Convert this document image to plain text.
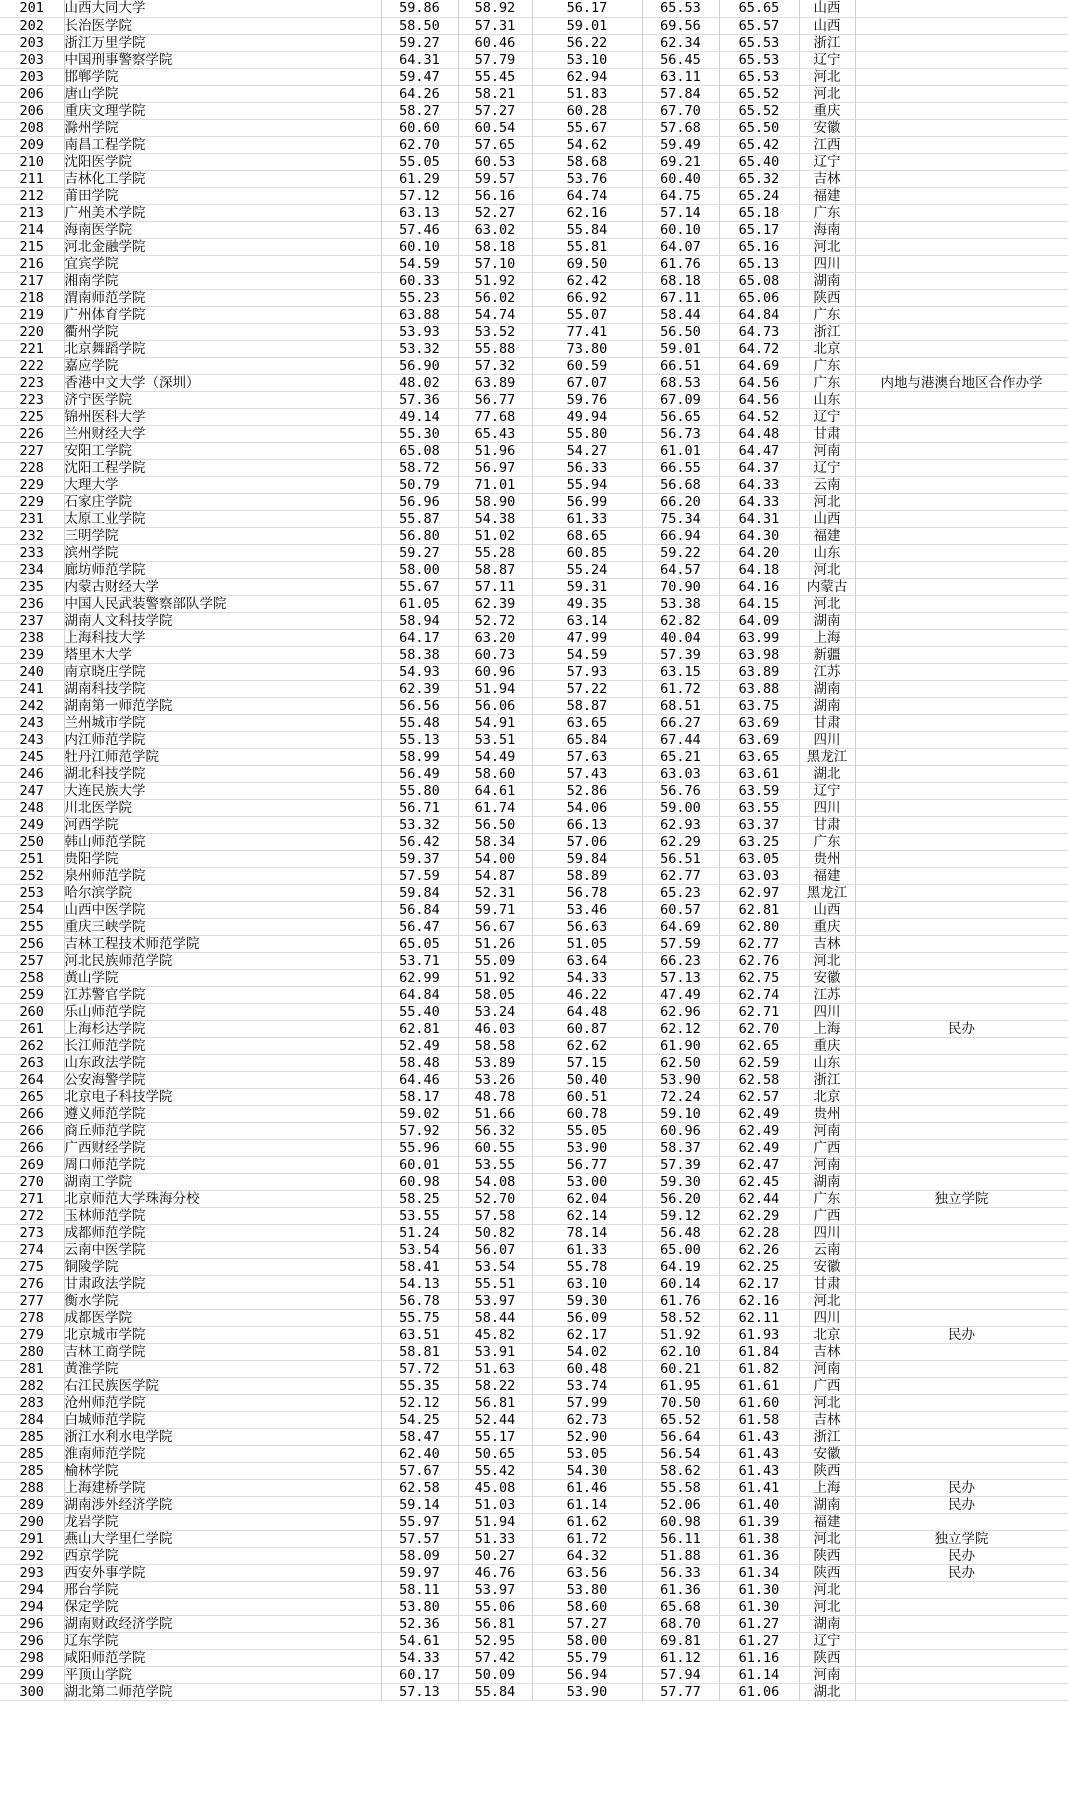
201	山西大同大学	59.86	58.92	56.17	65.53	65.65	山西	
202	长治医学院	58.50	57.31	59.01	69.56	65.57	山西	
203	浙江万里学院	59.27	60.46	56.22	62.34	65.53	浙江	
203	中国刑事警察学院	64.31	57.79	53.10	56.45	65.53	辽宁	
203	邯郸学院	59.47	55.45	62.94	63.11	65.53	河北	
206	唐山学院	64.26	58.21	51.83	57.84	65.52	河北	
206	重庆文理学院	58.27	57.27	60.28	67.70	65.52	重庆	
208	滁州学院	60.60	60.54	55.67	57.68	65.50	安徽	
209	南昌工程学院	62.70	57.65	54.62	59.49	65.42	江西	
210	沈阳医学院	55.05	60.53	58.68	69.21	65.40	辽宁	
211	吉林化工学院	61.29	59.57	53.76	60.40	65.32	吉林	
212	莆田学院	57.12	56.16	64.74	64.75	65.24	福建	
213	广州美术学院	63.13	52.27	62.16	57.14	65.18	广东	
214	海南医学院	57.46	63.02	55.84	60.10	65.17	海南	
215	河北金融学院	60.10	58.18	55.81	64.07	65.16	河北	
216	宜宾学院	54.59	57.10	69.50	61.76	65.13	四川	
217	湘南学院	60.33	51.92	62.42	68.18	65.08	湖南	
218	渭南师范学院	55.23	56.02	66.92	67.11	65.06	陕西	
219	广州体育学院	63.88	54.74	55.07	58.44	64.84	广东	
220	衢州学院	53.93	53.52	77.41	56.50	64.73	浙江	
221	北京舞蹈学院	53.32	55.88	73.80	59.01	64.72	北京	
222	嘉应学院	56.90	57.32	60.59	66.51	64.69	广东	
223	香港中文大学（深圳）	48.02	63.89	67.07	68.53	64.56	广东	内地与港澳台地区合作办学
223	济宁医学院	57.36	56.77	59.76	67.09	64.56	山东	
225	锦州医科大学	49.14	77.68	49.94	56.65	64.52	辽宁	
226	兰州财经大学	55.30	65.43	55.80	56.73	64.48	甘肃	
227	安阳工学院	65.08	51.96	54.27	61.01	64.47	河南	
228	沈阳工程学院	58.72	56.97	56.33	66.55	64.37	辽宁	
229	大理大学	50.79	71.01	55.94	56.68	64.33	云南	
229	石家庄学院	56.96	58.90	56.99	66.20	64.33	河北	
231	太原工业学院	55.87	54.38	61.33	75.34	64.31	山西	
232	三明学院	56.80	51.02	68.65	66.94	64.30	福建	
233	滨州学院	59.27	55.28	60.85	59.22	64.20	山东	
234	廊坊师范学院	58.00	58.87	55.24	64.57	64.18	河北	
235	内蒙古财经大学	55.67	57.11	59.31	70.90	64.16	内蒙古	
236	中国人民武装警察部队学院	61.05	62.39	49.35	53.38	64.15	河北	
237	湖南人文科技学院	58.94	52.72	63.14	62.82	64.09	湖南	
238	上海科技大学	64.17	63.20	47.99	40.04	63.99	上海	
239	塔里木大学	58.38	60.73	54.59	57.39	63.98	新疆	
240	南京晓庄学院	54.93	60.96	57.93	63.15	63.89	江苏	
241	湖南科技学院	62.39	51.94	57.22	61.72	63.88	湖南	
242	湖南第一师范学院	56.56	56.06	58.87	68.51	63.75	湖南	
243	兰州城市学院	55.48	54.91	63.65	66.27	63.69	甘肃	
243	内江师范学院	55.13	53.51	65.84	67.44	63.69	四川	
245	牡丹江师范学院	58.99	54.49	57.63	65.21	63.65	黑龙江	
246	湖北科技学院	56.49	58.60	57.43	63.03	63.61	湖北	
247	大连民族大学	55.80	64.61	52.86	56.76	63.59	辽宁	
248	川北医学院	56.71	61.74	54.06	59.00	63.55	四川	
249	河西学院	53.32	56.50	66.13	62.93	63.37	甘肃	
250	韩山师范学院	56.42	58.34	57.06	62.29	63.25	广东	
251	贵阳学院	59.37	54.00	59.84	56.51	63.05	贵州	
252	泉州师范学院	57.59	54.87	58.89	62.77	63.03	福建	
253	哈尔滨学院	59.84	52.31	56.78	65.23	62.97	黑龙江	
254	山西中医学院	56.84	59.71	53.46	60.57	62.81	山西	
255	重庆三峡学院	56.47	56.67	56.63	64.69	62.80	重庆	
256	吉林工程技术师范学院	65.05	51.26	51.05	57.59	62.77	吉林	
257	河北民族师范学院	53.71	55.09	63.64	66.23	62.76	河北	
258	黄山学院	62.99	51.92	54.33	57.13	62.75	安徽	
259	江苏警官学院	64.84	58.05	46.22	47.49	62.74	江苏	
260	乐山师范学院	55.40	53.24	64.48	62.96	62.71	四川	
261	上海杉达学院	62.81	46.03	60.87	62.12	62.70	上海	民办
262	长江师范学院	52.49	58.58	62.62	61.90	62.65	重庆	
263	山东政法学院	58.48	53.89	57.15	62.50	62.59	山东	
264	公安海警学院	64.46	53.26	50.40	53.90	62.58	浙江	
265	北京电子科技学院	58.17	48.78	60.51	72.24	62.57	北京	
266	遵义师范学院	59.02	51.66	60.78	59.10	62.49	贵州	
266	商丘师范学院	57.92	56.32	55.05	60.96	62.49	河南	
266	广西财经学院	55.96	60.55	53.90	58.37	62.49	广西	
269	周口师范学院	60.01	53.55	56.77	57.39	62.47	河南	
270	湖南工学院	60.98	54.08	53.00	59.30	62.45	湖南	
271	北京师范大学珠海分校	58.25	52.70	62.04	56.20	62.44	广东	独立学院
272	玉林师范学院	53.55	57.58	62.14	59.12	62.29	广西	
273	成都师范学院	51.24	50.82	78.14	56.48	62.28	四川	
274	云南中医学院	53.54	56.07	61.33	65.00	62.26	云南	
275	铜陵学院	58.41	53.54	55.78	64.19	62.25	安徽	
276	甘肃政法学院	54.13	55.51	63.10	60.14	62.17	甘肃	
277	衡水学院	56.78	53.97	59.30	61.76	62.16	河北	
278	成都医学院	55.75	58.44	56.09	58.52	62.11	四川	
279	北京城市学院	63.51	45.82	62.17	51.92	61.93	北京	民办
280	吉林工商学院	58.81	53.91	54.02	62.10	61.84	吉林	
281	黄淮学院	57.72	51.63	60.48	60.21	61.82	河南	
282	右江民族医学院	55.35	58.22	53.74	61.95	61.61	广西	
283	沧州师范学院	52.12	56.81	57.99	70.50	61.60	河北	
284	白城师范学院	54.25	52.44	62.73	65.52	61.58	吉林	
285	浙江水利水电学院	58.47	55.17	52.90	56.64	61.43	浙江	
285	淮南师范学院	62.40	50.65	53.05	56.54	61.43	安徽	
285	榆林学院	57.67	55.42	54.30	58.62	61.43	陕西	
288	上海建桥学院	62.58	45.08	61.46	55.58	61.41	上海	民办
289	湖南涉外经济学院	59.14	51.03	61.14	52.06	61.40	湖南	民办
290	龙岩学院	55.97	51.94	61.62	60.98	61.39	福建	
291	燕山大学里仁学院	57.57	51.33	61.72	56.11	61.38	河北	独立学院
292	西京学院	58.09	50.27	64.32	51.88	61.36	陕西	民办
293	西安外事学院	59.97	46.76	63.56	56.33	61.34	陕西	民办
294	邢台学院	58.11	53.97	53.80	61.36	61.30	河北	
294	保定学院	53.80	55.06	58.60	65.68	61.30	河北	
296	湖南财政经济学院	52.36	56.81	57.27	68.70	61.27	湖南	
296	辽东学院	54.61	52.95	58.00	69.81	61.27	辽宁	
298	咸阳师范学院	54.33	57.42	55.79	61.12	61.16	陕西	
299	平顶山学院	60.17	50.09	56.94	57.94	61.14	河南	
300	湖北第二师范学院	57.13	55.84	53.90	57.77	61.06	湖北	
